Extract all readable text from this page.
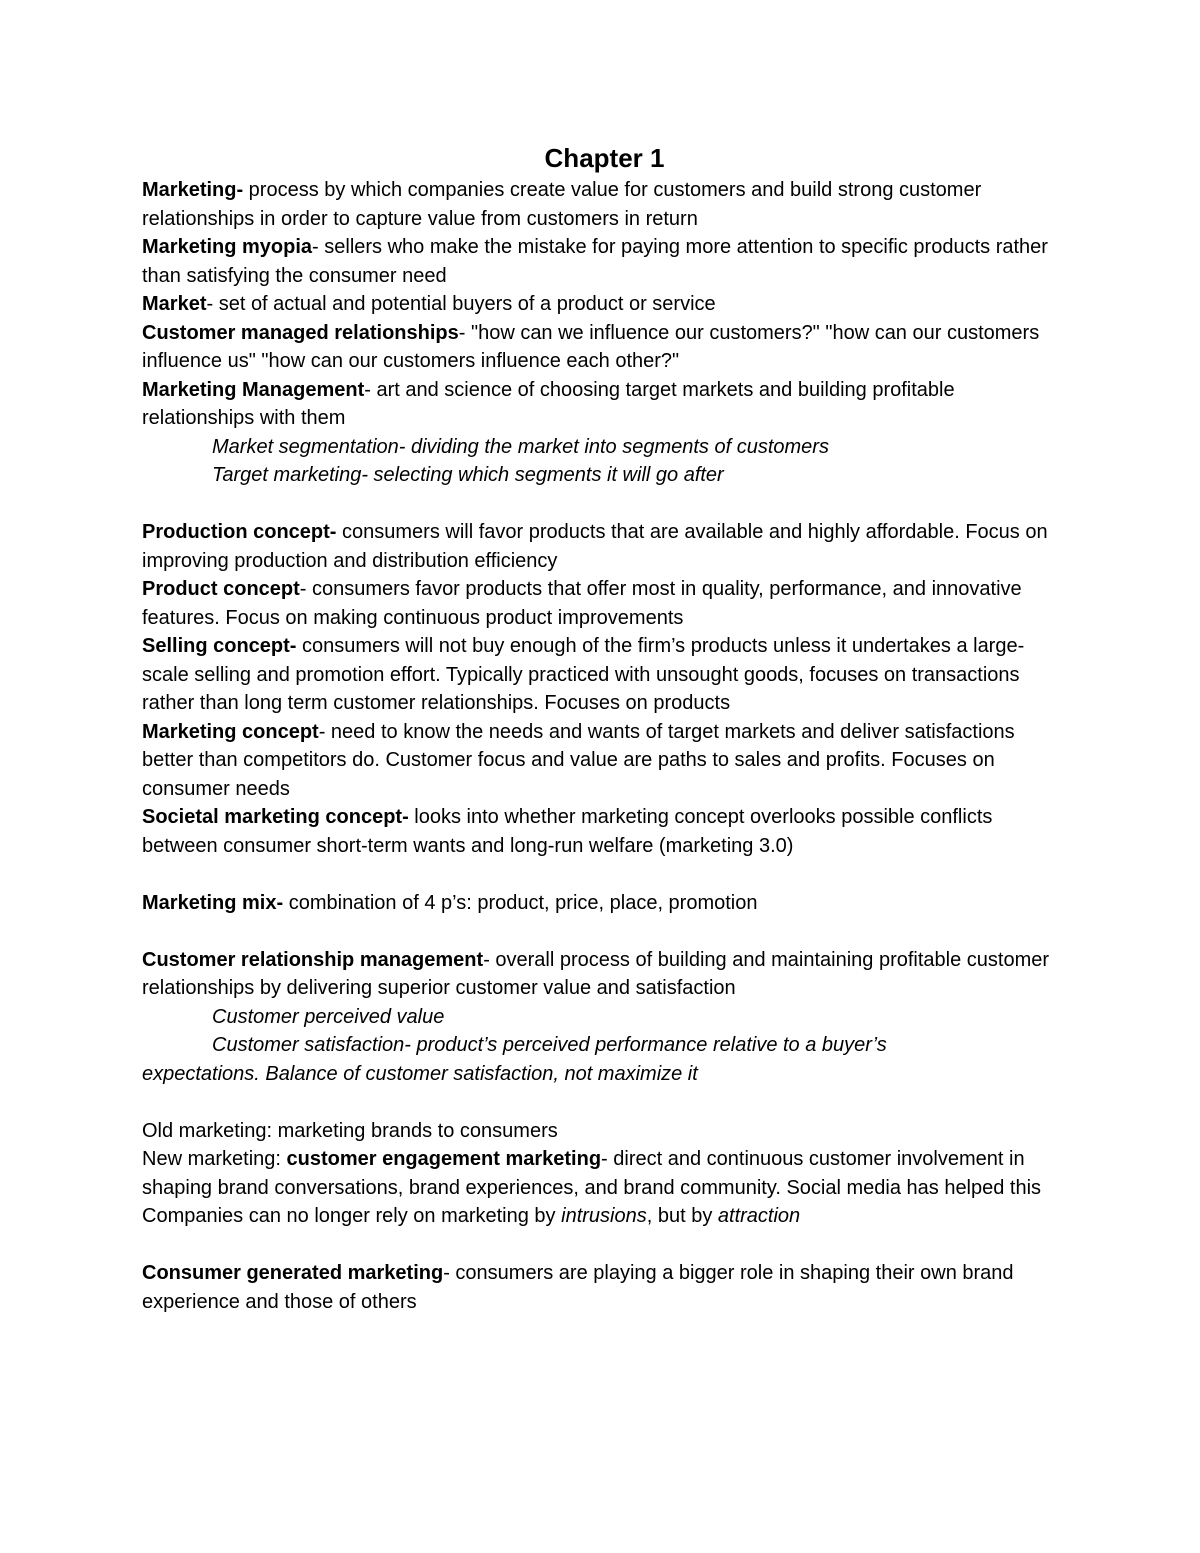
Chapter 1

Marketing- process by which companies create value for customers and build strong customer relationships in order to capture value from customers in return

Marketing myopia- sellers who make the mistake for paying more attention to specific products rather than satisfying the consumer need

Market- set of actual and potential buyers of a product or service

Customer managed relationships- "how can we influence our customers?" "how can our customers influence us" "how can our customers influence each other?"

Marketing Management- art and science of choosing target markets and building profitable relationships with them

Market segmentation- dividing the market into segments of customers

Target marketing- selecting which segments it will go after

Production concept- consumers will favor products that are available and highly affordable. Focus on improving production and distribution efficiency

Product concept- consumers favor products that offer most in quality, performance, and innovative features. Focus on making continuous product improvements

Selling concept- consumers will not buy enough of the firm’s products unless it undertakes a large-scale selling and promotion effort. Typically practiced with unsought goods, focuses on transactions rather than long term customer relationships. Focuses on products

Marketing concept- need to know the needs and wants of target markets and deliver satisfactions better than competitors do. Customer focus and value are paths to sales and profits. Focuses on consumer needs

Societal marketing concept- looks into whether marketing concept overlooks possible conflicts between consumer short-term wants and long-run welfare (marketing 3.0)

Marketing mix- combination of 4 p’s: product, price, place, promotion

Customer relationship management- overall process of building and maintaining profitable customer relationships by delivering superior customer value and satisfaction

Customer perceived value

Customer satisfaction- product’s perceived performance relative to a buyer’s

expectations. Balance of customer satisfaction, not maximize it

Old marketing: marketing brands to consumers

New marketing: customer engagement marketing- direct and continuous customer involvement in shaping brand conversations, brand experiences, and brand community. Social media has helped this

Companies can no longer rely on marketing by intrusions, but by attraction

Consumer generated marketing- consumers are playing a bigger role in shaping their own brand experience and those of others
